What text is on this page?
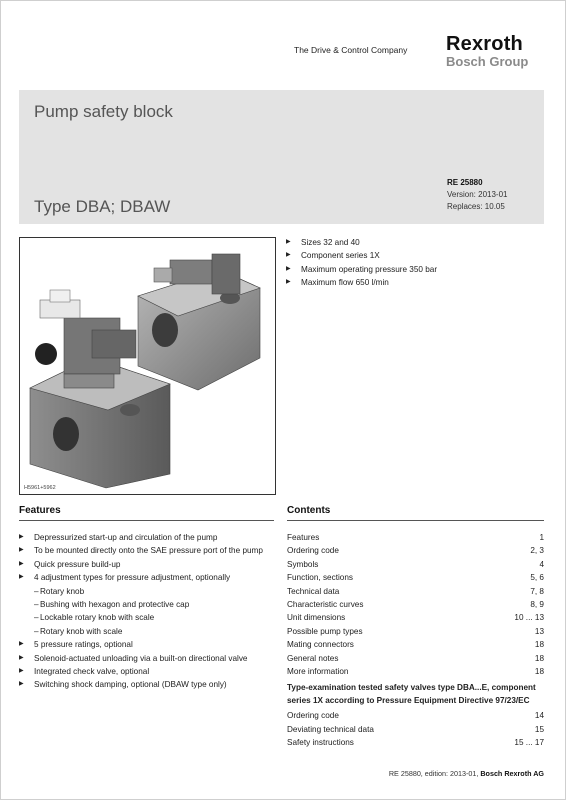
The Drive & Control Company Rexroth
Bosch Group
Pump safety block
Type DBA; DBAW
RE 25880
Version: 2013-01
Replaces: 10.05
H5961+5962
▶ Sizes 32 and 40
▶ Component series 1X
▶ Maximum operating pressure 350 bar
▶ Maximum flow 650 l/min
Features
▶ Depressurized start-up and circulation of the pump
▶ To be mounted directly onto the SAE pressure port of the pump
▶ Quick pressure build-up
▶ 4 adjustment types for pressure adjustment, optionally
– Rotary knob
– Bushing with hexagon and protective cap
– Lockable rotary knob with scale
– Rotary knob with scale
▶ 5 pressure ratings, optional
▶ Solenoid-actuated unloading via a built-on directional valve
▶ Integrated check valve, optional
▶ Switching shock damping, optional (DBAW type only)
Contents
Features	1
Ordering code	2, 3
Symbols	4
Function, sections	5, 6
Technical data	7, 8
Characteristic curves	8, 9
Unit dimensions	10 ... 13
Possible pump types	13
Mating connectors	18
General notes	18
More information	18
Type-examination tested safety valves type DBA...E, component series 1X according to Pressure Equipment Directive 97/23/EC
Ordering code	14
Deviating technical data	15
Safety instructions	15 ... 17
RE 25880, edition: 2013-01, Bosch Rexroth AG
